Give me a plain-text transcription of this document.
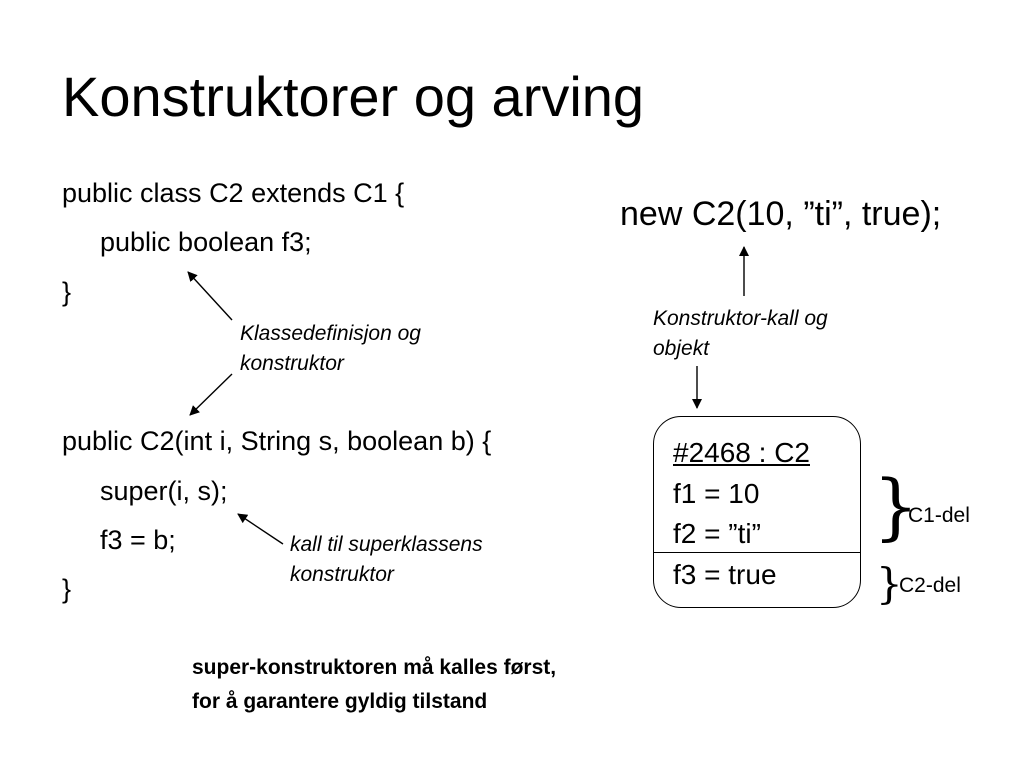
Konstruktorer og arving
public class C2 extends C1 {
public boolean f3;
}
Klassedefinisjon og
konstruktor
public C2(int i, String s, boolean b) {
super(i, s);
f3 = b;
}
kall til superklassens
konstruktor
new C2(10, ”ti”, true);
Konstruktor-kall og
objekt
#2468 : C2
f1 = 10
f2 = ”ti”
f3 = true
}
C1-del
}
C2-del
super-konstruktoren må kalles først,
for å garantere gyldig tilstand
